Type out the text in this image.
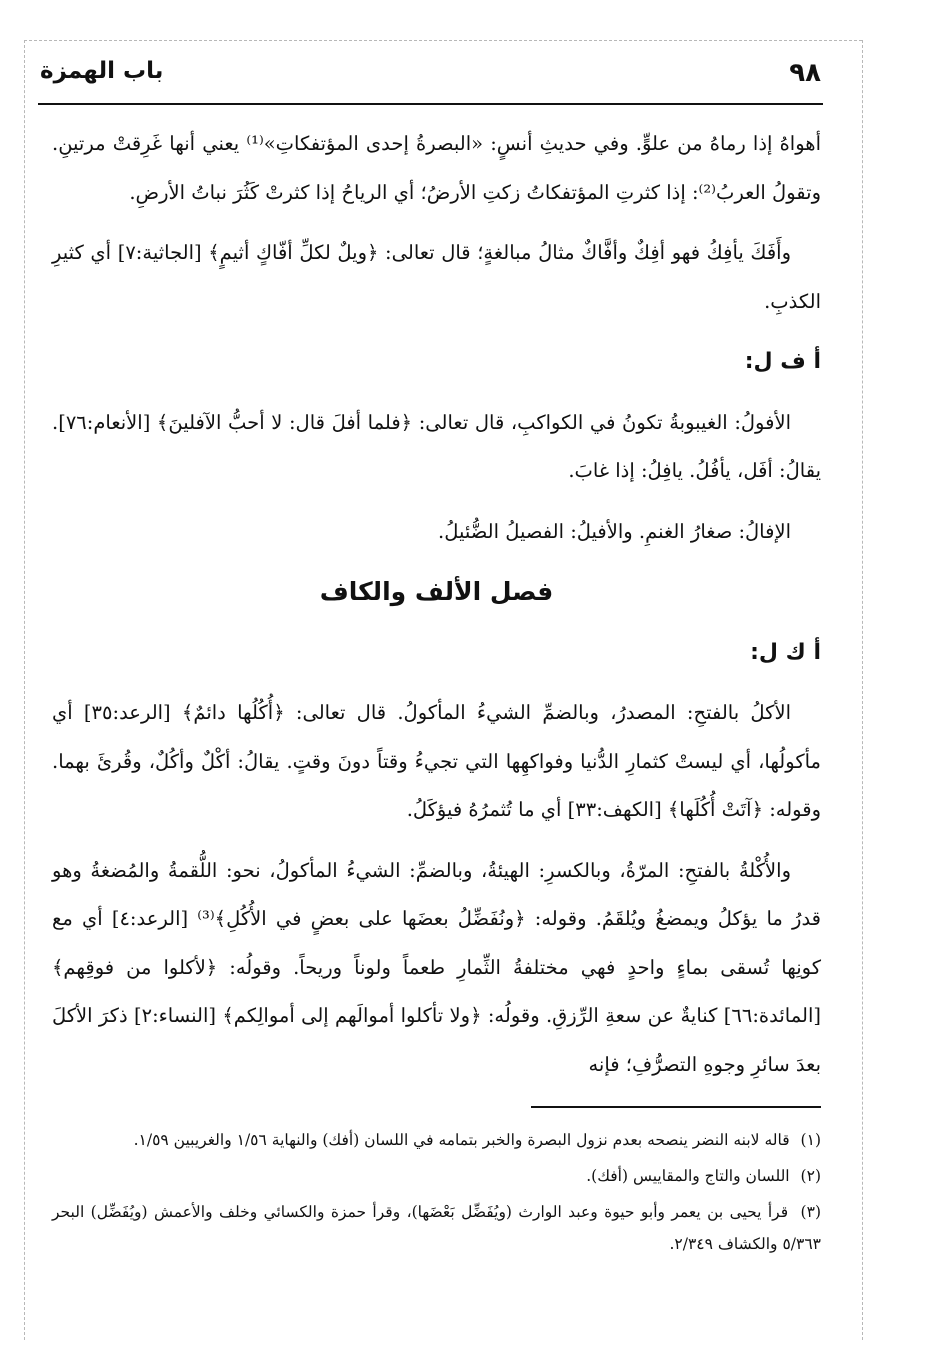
٩٨
باب الهمزة

أهواهُ إذا رماهُ من علوٍّ. وفي حديثِ أنسٍ: «البصرةُ إحدى المؤتفكاتِ»⁽¹⁾ يعني أنها غَرِقتْ مرتينِ. وتقولُ العربُ⁽²⁾: إذا كثرتِ المؤتفكاتُ زكتِ الأرضُ؛ أي الرياحُ إذا كثرتْ كَثُرَ نباتُ الأرضِ.

وأَفَكَ يأفِكُ فهو أفِكٌ وأفَّاكٌ مثالُ مبالغةٍ؛ قال تعالى: ﴿ويلٌ لكلِّ أفّاكٍ أثيمٍ﴾ [الجاثية:٧] أي كثيرِ الكذبِ.

أ ف ل:

الأفولُ: الغيبوبةُ تكونُ في الكواكبِ، قال تعالى: ﴿فلما أفلَ قال: لا أحبُّ الآفلينَ﴾ [الأنعام:٧٦]. يقالُ: أفَل، يأفُلُ. يافِلُ: إذا غابَ.

الإفالُ: صغارُ الغنمِ. والأفيلُ: الفصيلُ الضُّئيلُ.

فصل الألف والكاف
أ ك ل:

الأكلُ بالفتحِ: المصدرُ، وبالضمِّ الشيءُ المأكولُ. قال تعالى: ﴿أُكُلُها دائمٌ﴾ [الرعد:٣٥] أي مأكولُها، أي ليستْ كثمارِ الدُّنيا وفواكهِها التي تجيءُ وقتاً دونَ وقتٍ. يقالُ: أكْلٌ وأكُلٌ، وقُرئَ بهما. وقوله: ﴿آتَتْ أُكُلَها﴾ [الكهف:٣٣] أي ما تُثمرُهُ فيؤكَلُ.

والأُكْلةُ بالفتحِ: المرّةُ، وبالكسرِ: الهيئةُ، وبالضمِّ: الشيءُ المأكولُ، نحو: اللُّقمةُ والمُضغةُ وهو قدرُ ما يؤكلُ ويمضغُ ويُلقَمُ. وقوله: ﴿ونُفَضِّلُ بعضَها على بعضٍ في الأُكُلِ﴾⁽³⁾ [الرعد:٤] أي مع كونِها تُسقى بماءٍ واحدٍ فهي مختلفةُ الثِّمارِ طعماً ولوناً وريحاً. وقولُه: ﴿لأكلوا من فوقِهم﴾ [المائدة:٦٦] كنايةٌ عن سعةِ الرِّزقِ. وقولُه: ﴿ولا تأكلوا أموالَهم إلى أموالِكم﴾ [النساء:٢] ذكرَ الأكلَ بعدَ سائرِ وجوهِ التصرُّفِ؛ فإنه

(١) قاله لابنه النضر ينصحه بعدم نزول البصرة والخبر بتمامه في اللسان (أفك) والنهاية ١/٥٦ والغريبين ١/٥٩.

(٢) اللسان والتاج والمقاييس (أفك).

(٣) قرأ يحيى بن يعمر وأبو حيوة وعبد الوارث (ويُفَضِّل بَعْضَها)، وقرأ حمزة والكسائي وخلف والأعمش (ويُفَضِّل) البحر ٥/٣٦٣ والكشاف ٢/٣٤٩.
